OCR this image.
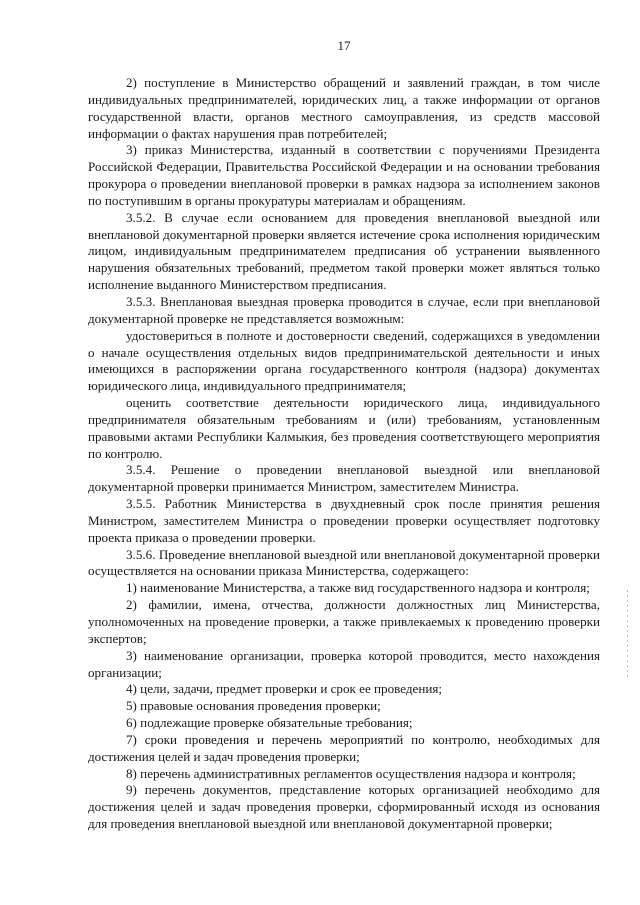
17

2) поступление в Министерство обращений и заявлений граждан, в том числе индивидуальных предпринимателей, юридических лиц, а также информации от органов государственной власти, органов местного самоуправления, из средств массовой информации о фактах нарушения прав потребителей;

3) приказ Министерства, изданный в соответствии с поручениями Президента Российской Федерации, Правительства Российской Федерации и на основании требования прокурора о проведении внеплановой проверки в рамках надзора за исполнением законов по поступившим в органы прокуратуры материалам и обращениям.

3.5.2. В случае если основанием для проведения внеплановой выездной или внеплановой документарной проверки является истечение срока исполнения юридическим лицом, индивидуальным предпринимателем предписания об устранении выявленного нарушения обязательных требований, предметом такой проверки может являться только исполнение выданного Министерством предписания.

3.5.3. Внеплановая выездная проверка проводится в случае, если при внеплановой документарной проверке не представляется возможным:

удостовериться в полноте и достоверности сведений, содержащихся в уведомлении о начале осуществления отдельных видов предпринимательской деятельности и иных имеющихся в распоряжении органа государственного контроля (надзора) документах юридического лица, индивидуального предпринимателя;

оценить соответствие деятельности юридического лица, индивидуального предпринимателя обязательным требованиям и (или) требованиям, установленным правовыми актами Республики Калмыкия, без проведения соответствующего мероприятия по контролю.

3.5.4. Решение о проведении внеплановой выездной или внеплановой документарной проверки принимается Министром, заместителем Министра.

3.5.5. Работник Министерства в двухдневный срок после принятия решения Министром, заместителем Министра о проведении проверки осуществляет подготовку проекта приказа о проведении проверки.

3.5.6. Проведение внеплановой выездной или внеплановой документарной проверки осуществляется на основании приказа Министерства, содержащего:

1) наименование Министерства, а также вид государственного надзора и контроля;

2) фамилии, имена, отчества, должности должностных лиц Министерства, уполномоченных на проведение проверки, а также привлекаемых к проведению проверки экспертов;

3) наименование организации, проверка которой проводится, место нахождения организации;

4) цели, задачи, предмет проверки и срок ее проведения;

5) правовые основания проведения проверки;

6) подлежащие проверке обязательные требования;

7) сроки проведения и перечень мероприятий по контролю, необходимых для достижения целей и задач проведения проверки;

8) перечень административных регламентов осуществления надзора и контроля;

9) перечень документов, представление которых организацией необходимо для достижения целей и задач проведения проверки, сформированный исходя из основания для проведения внеплановой выездной или внеплановой документарной проверки;
